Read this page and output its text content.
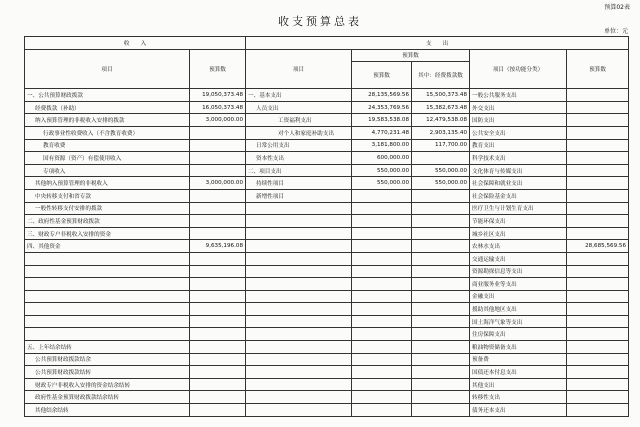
预算02表
收支预算总表
单位：元
收　　入		支　　出				
项目	预算数	项目	预算数		项目（按功能分类）	预算数
			预算数	其中：经费拨款数		
一、公共预算财政拨款	19,050,373.48	一、基本支出	28,135,569.56	15,500,373.48	一般公共服务支出	
经费拨款（补助）	16,050,373.48	人员支出	24,353,769.56	15,382,673.48	外交支出	
纳入预算管理的非税收入安排的拨款	3,000,000.00	工资福利支出	19,583,538.08	12,479,538.08	国防支出	
行政事业性收费收入（不含教育收费）		对个人和家庭补助支出	4,770,231.48	2,903,135.40	公共安全支出	
教育收费		日常公用支出	3,181,800.00	117,700.00	教育支出	
国有资源（资产）有偿使用收入		资本性支出	600,000.00		科学技术支出	
专项收入		二、项目支出	550,000.00	550,000.00	文化体育与传媒支出	
其他纳入预算管理的非税收入	3,000,000.00	持续性项目	550,000.00	550,000.00	社会保障和就业支出	
中央转移支付和省专款		新增性项目			社会保险基金支出	
一般性转移支付安排的拨款					医疗卫生与计划生育支出	
二、政府性基金预算财政拨款					节能环保支出	
三、财政专户非税收入安排的资金					城乡社区支出	
四、其他资金	9,635,196.08				农林水支出	28,685,569.56
					交通运输支出	
					资源勘探信息等支出	
					商业服务业等支出	
					金融支出	
					援助其他地区支出	
					国土海洋气象等支出	
					住房保障支出	
五、上年结余结转					粮油物资储备支出	
公共预算财政拨款结余					预备费	
公共预算财政拨款结转					国债还本付息支出	
财政专户非税收入安排的资金结余结转					其他支出	
政府性基金预算财政拨款结余结转					转移性支出	
其他结余结转					债务还本支出	
